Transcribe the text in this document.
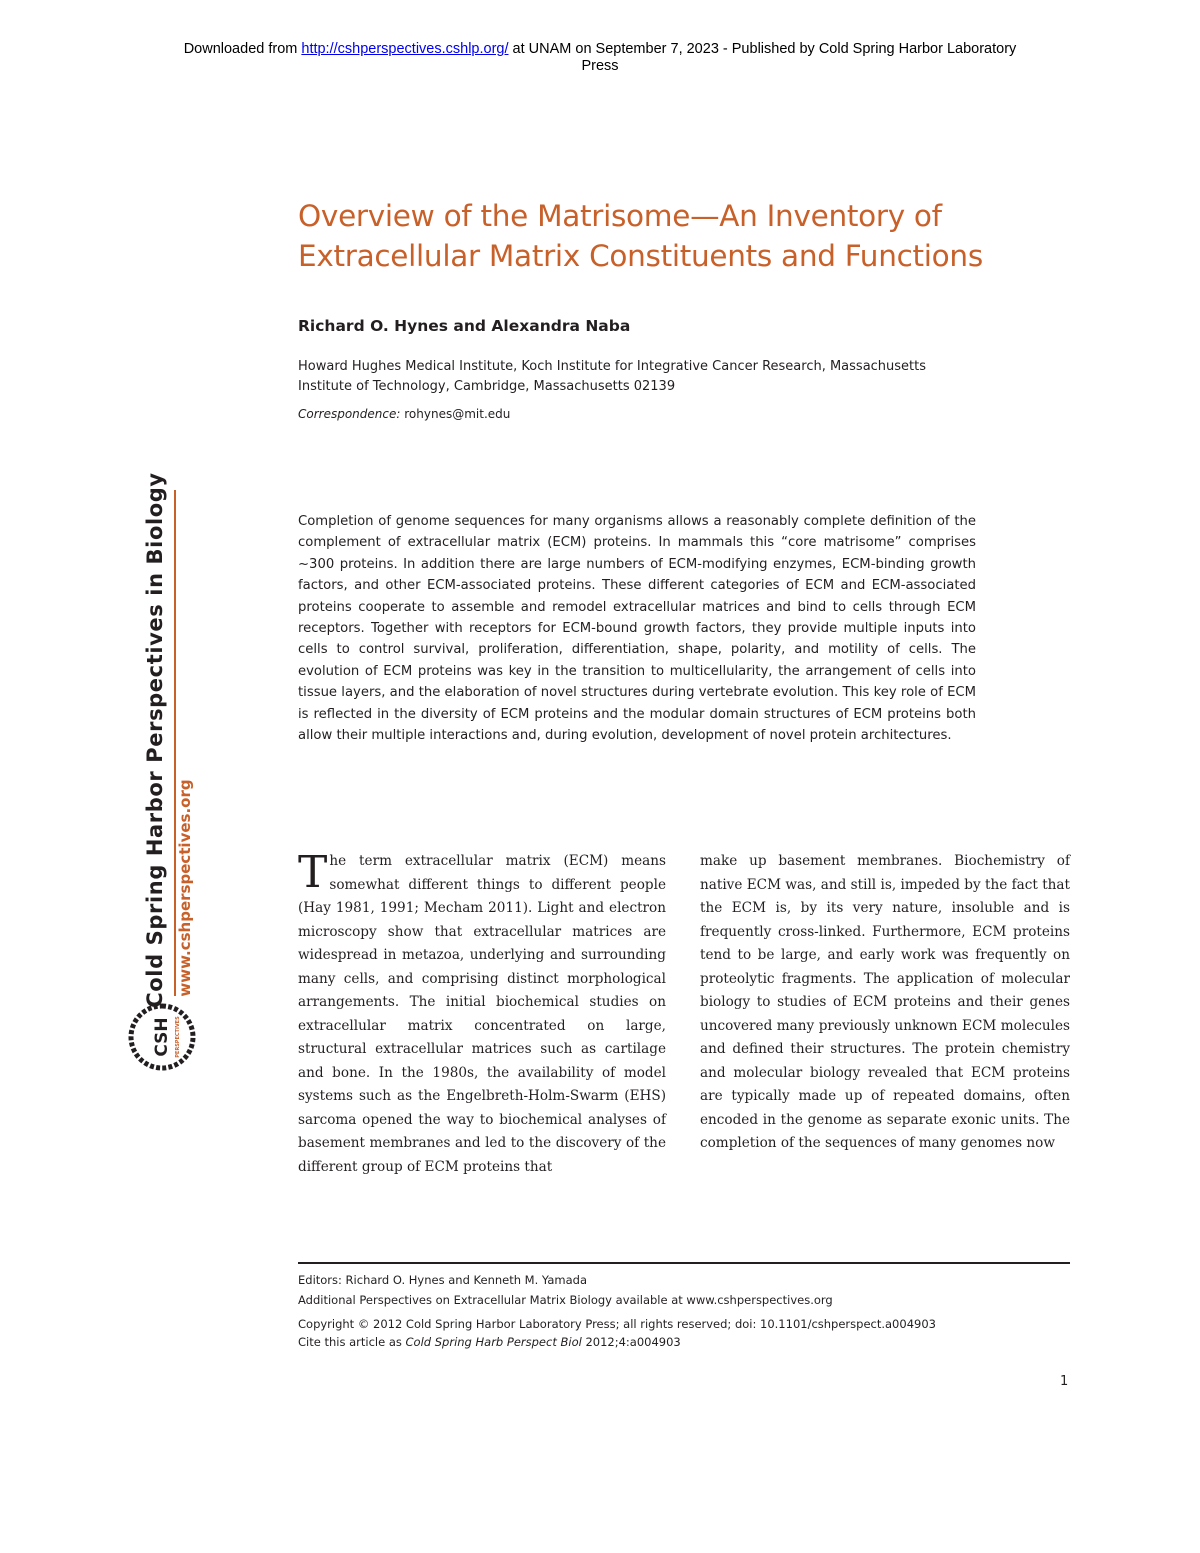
Downloaded from http://cshperspectives.cshlp.org/ at UNAM on September 7, 2023 - Published by Cold Spring Harbor Laboratory
Press
Cold Spring Harbor Perspectives in Biology www.cshperspectives.org
CSH PERSPECTIVES
Overview of the Matrisome—An Inventory of
Extracellular Matrix Constituents and Functions

Richard O. Hynes and Alexandra Naba

Howard Hughes Medical Institute, Koch Institute for Integrative Cancer Research, Massachusetts
Institute of Technology, Cambridge, Massachusetts 02139
Correspondence: rohynes@mit.edu

Completion of genome sequences for many organisms allows a reasonably complete definition of the complement of extracellular matrix (ECM) proteins. In mammals this “core matrisome” comprises ~300 proteins. In addition there are large numbers of ECM-modifying enzymes, ECM-binding growth factors, and other ECM-associated proteins. These different categories of ECM and ECM-associated proteins cooperate to assemble and remodel extracellular matrices and bind to cells through ECM receptors. Together with receptors for ECM-bound growth factors, they provide multiple inputs into cells to control survival, proliferation, differentiation, shape, polarity, and motility of cells. The evolution of ECM proteins was key in the transition to multicellularity, the arrangement of cells into tissue layers, and the elaboration of novel structures during vertebrate evolution. This key role of ECM is reflected in the diversity of ECM proteins and the modular domain structures of ECM proteins both allow their multiple interactions and, during evolution, development of novel protein architectures.

The term extracellular matrix (ECM) means somewhat different things to different people (Hay 1981, 1991; Mecham 2011). Light and electron microscopy show that extracellular matrices are widespread in metazoa, underlying and surrounding many cells, and comprising distinct morphological arrangements. The initial biochemical studies on extracellular matrix concentrated on large, structural extracellular matrices such as cartilage and bone. In the 1980s, the availability of model systems such as the Engelbreth-Holm-Swarm (EHS) sarcoma opened the way to biochemical analyses of basement membranes and led to the discovery of the different group of ECM proteins that

make up basement membranes. Biochemistry of native ECM was, and still is, impeded by the fact that the ECM is, by its very nature, insoluble and is frequently cross-linked. Furthermore, ECM proteins tend to be large, and early work was frequently on proteolytic fragments. The application of molecular biology to studies of ECM proteins and their genes uncovered many previously unknown ECM molecules and defined their structures. The protein chemistry and molecular biology revealed that ECM proteins are typically made up of repeated domains, often encoded in the genome as separate exonic units. The completion of the sequences of many genomes now

Editors: Richard O. Hynes and Kenneth M. Yamada
Additional Perspectives on Extracellular Matrix Biology available at www.cshperspectives.org
Copyright © 2012 Cold Spring Harbor Laboratory Press; all rights reserved; doi: 10.1101/cshperspect.a004903
Cite this article as Cold Spring Harb Perspect Biol 2012;4:a004903
1
